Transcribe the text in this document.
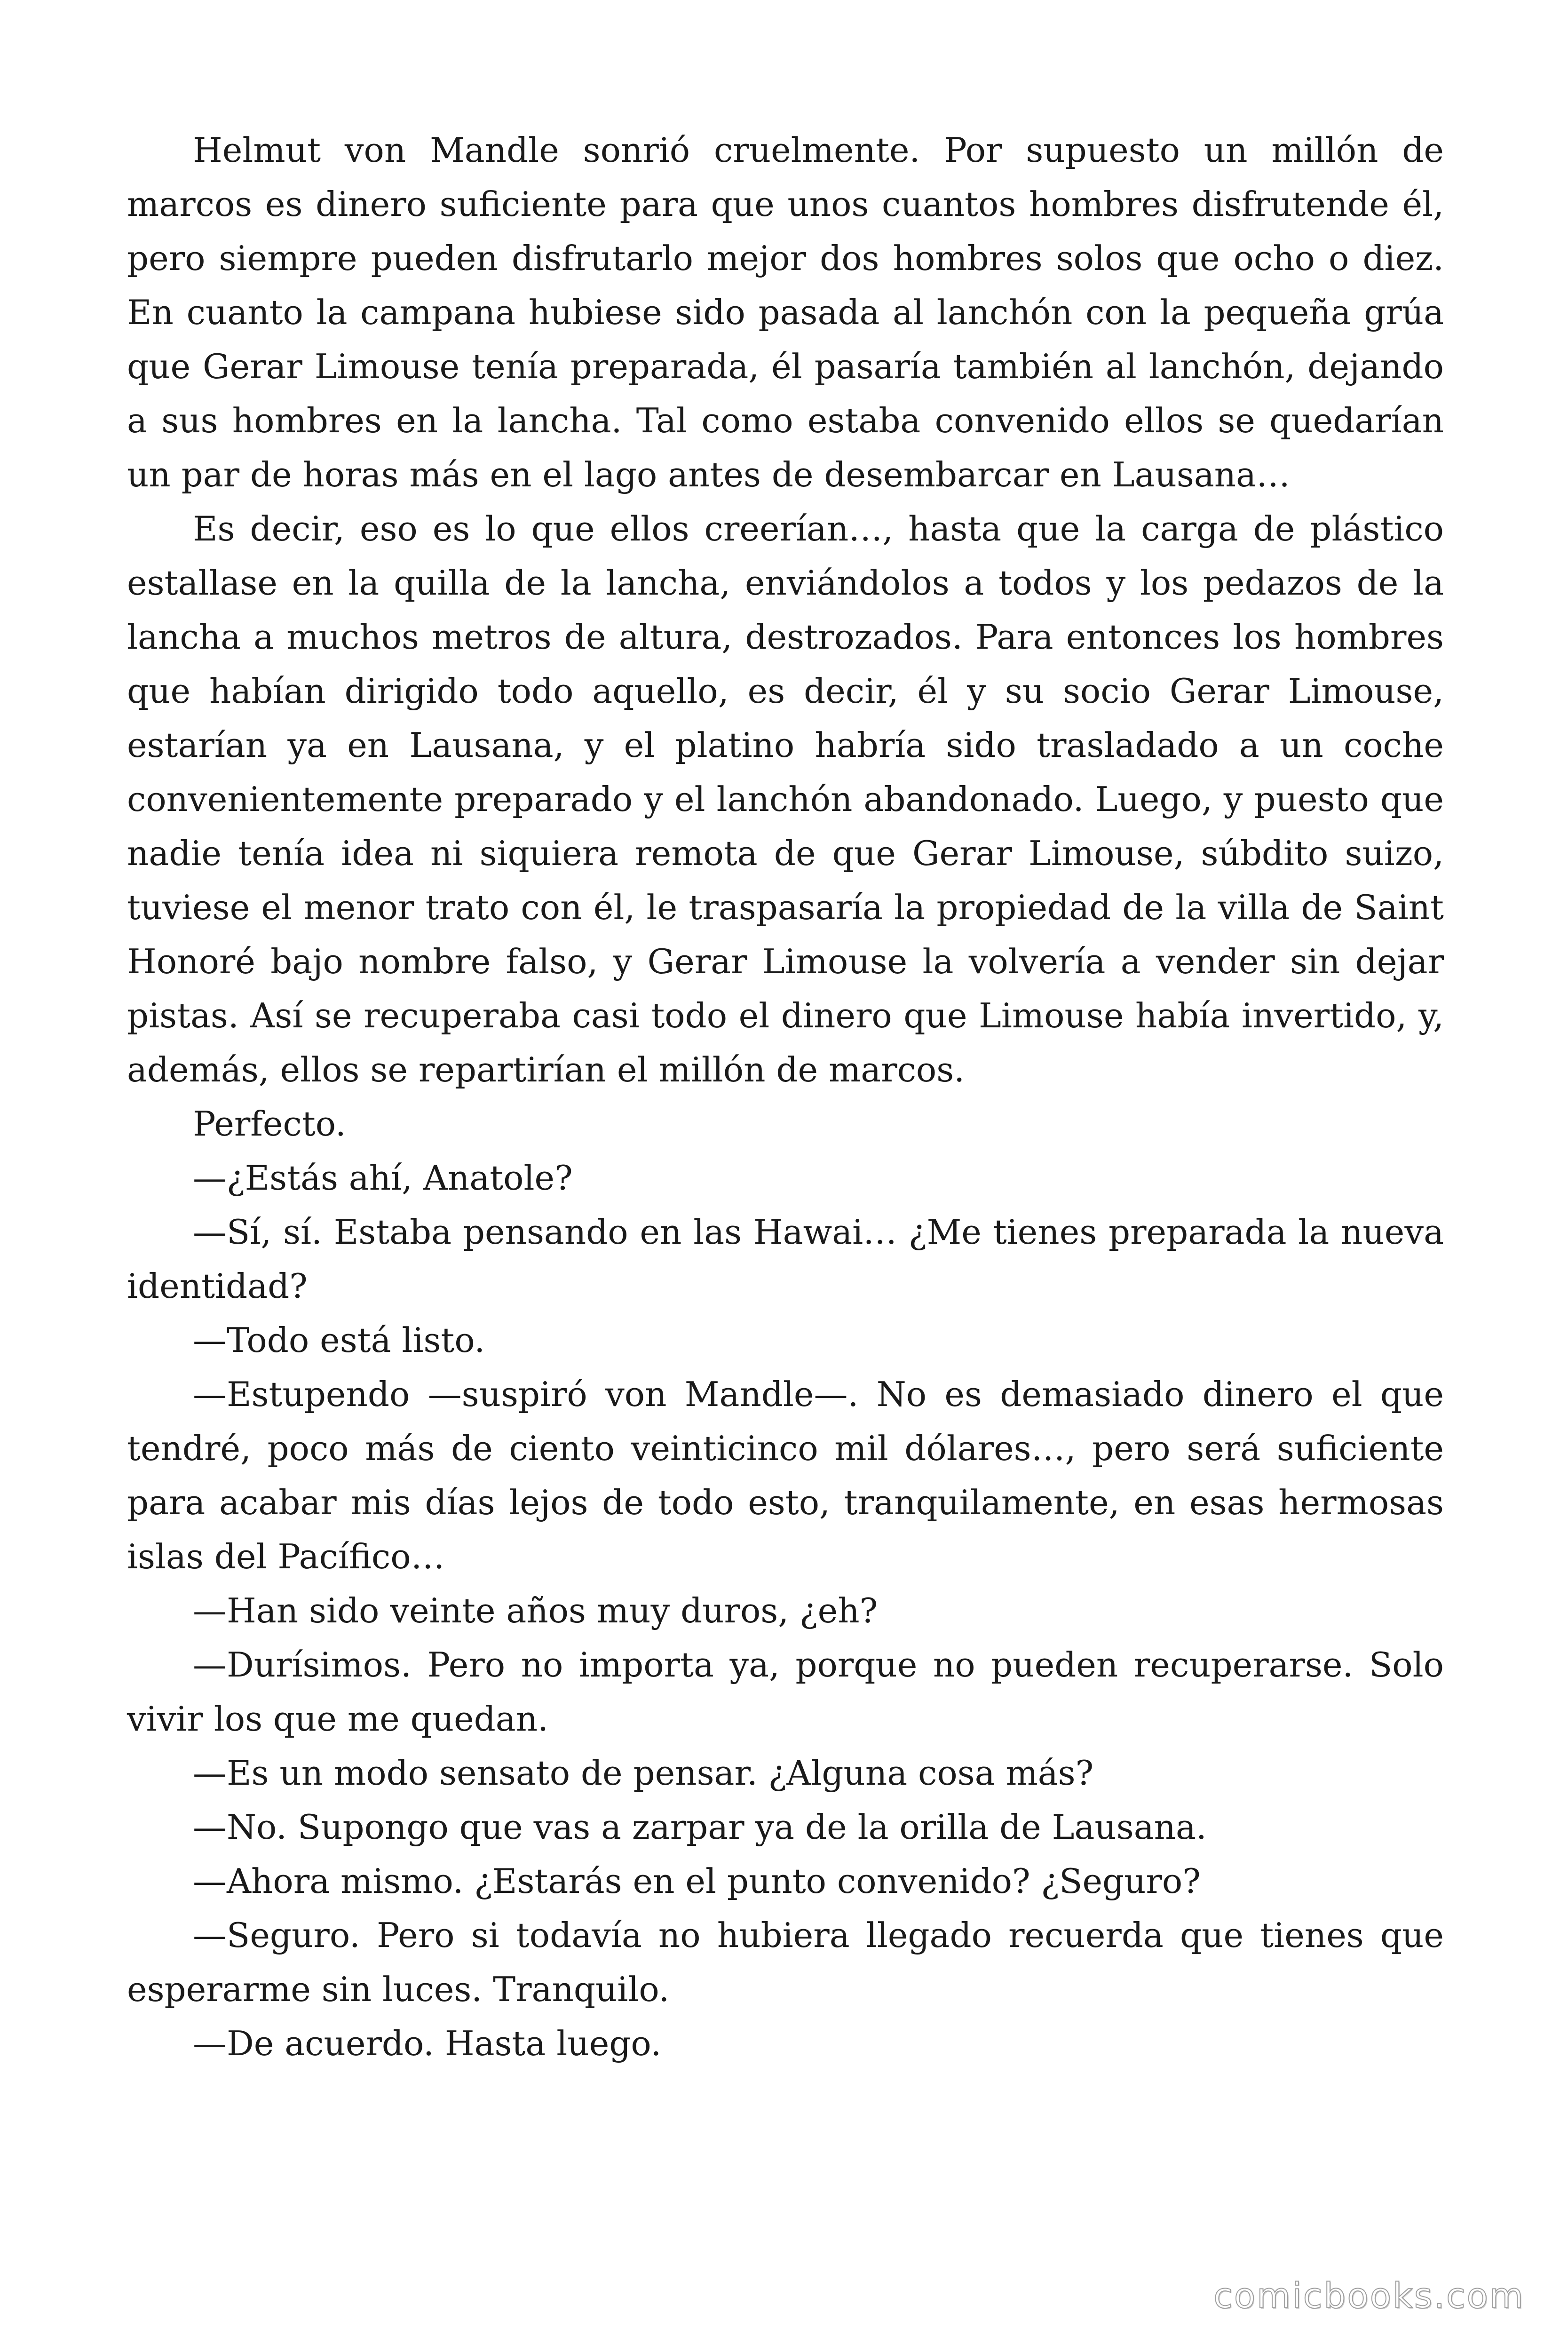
Helmut von Mandle sonrió cruelmente. Por supuesto un millón de marcos es dinero suficiente para que unos cuantos hombres disfrutende él, pero siempre pueden disfrutarlo mejor dos hombres solos que ocho o diez. En cuanto la campana hubiese sido pasada al lanchón con la pequeña grúa que Gerar Limouse tenía preparada, él pasaría también al lanchón, dejando a sus hombres en la lancha. Tal como estaba convenido ellos se quedarían un par de horas más en el lago antes de desembarcar en Lausana…

Es decir, eso es lo que ellos creerían…, hasta que la carga de plástico estallase en la quilla de la lancha, enviándolos a todos y los pedazos de la lancha a muchos metros de altura, destrozados. Para entonces los hombres que habían dirigido todo aquello, es decir, él y su socio Gerar Limouse, estarían ya en Lausana, y el platino habría sido trasladado a un coche convenientemente preparado y el lanchón abandonado. Luego, y puesto que nadie tenía idea ni siquiera remota de que Gerar Limouse, súbdito suizo, tuviese el menor trato con él, le traspasaría la propiedad de la villa de Saint Honoré bajo nombre falso, y Gerar Limouse la volvería a vender sin dejar pistas. Así se recuperaba casi todo el dinero que Limouse había invertido, y, además, ellos se repartirían el millón de marcos.

Perfecto.

—¿Estás ahí, Anatole?

—Sí, sí. Estaba pensando en las Hawai… ¿Me tienes preparada la nueva identidad?

—Todo está listo.

—Estupendo —suspiró von Mandle—. No es demasiado dinero el que tendré, poco más de ciento veinticinco mil dólares…, pero será suficiente para acabar mis días lejos de todo esto, tranquilamente, en esas hermosas islas del Pacífico…

—Han sido veinte años muy duros, ¿eh?

—Durísimos. Pero no importa ya, porque no pueden recuperarse. Solo vivir los que me quedan.

—Es un modo sensato de pensar. ¿Alguna cosa más?

—No. Supongo que vas a zarpar ya de la orilla de Lausana.

—Ahora mismo. ¿Estarás en el punto convenido? ¿Seguro?

—Seguro. Pero si todavía no hubiera llegado recuerda que tienes que esperarme sin luces. Tranquilo.

—De acuerdo. Hasta luego.

comicbooks.com
